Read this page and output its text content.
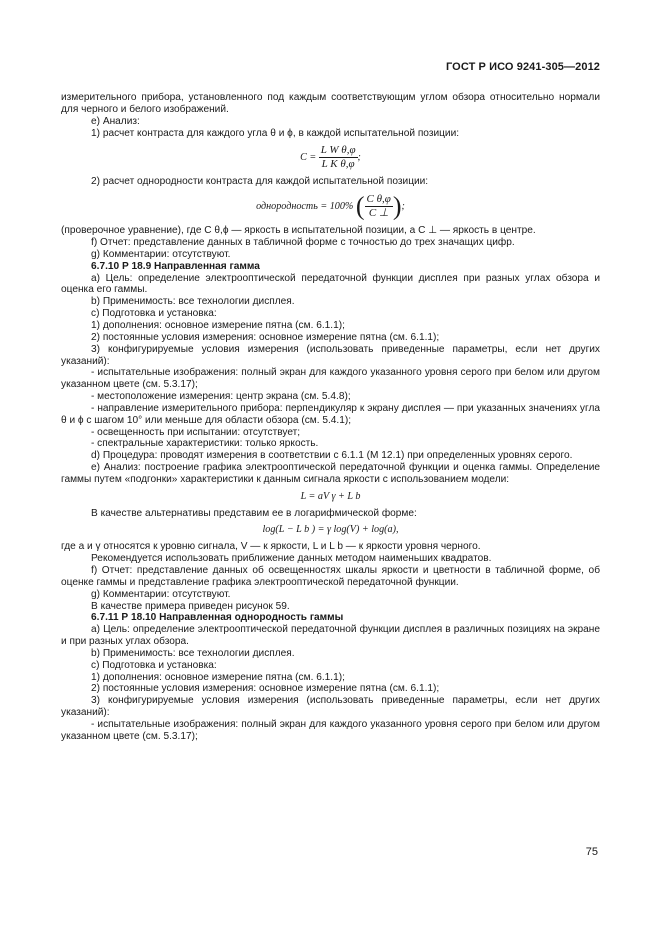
ГОСТ Р ИСО 9241-305—2012

измерительного прибора, установленного под каждым соответствующим углом обзора относительно нормали для черного и белого изображений.

e) Анализ:

1) расчет контраста для каждого угла θ и ϕ, в каждой испытательной позиции:

$C = \frac{\text{L W θ,φ}}{\text{L K θ,φ}}$ ;

2) расчет однородности контраста для каждой испытательной позиции:

однородность = 100% ( $\frac{\text{C θ,φ}}{C \perp}$ );

(проверочное уравнение), где C θ,ϕ — яркость в испытательной позиции, а C ⊥ — яркость в центре.

f) Отчет: представление данных в табличной форме с точностью до трех значащих цифр.

g) Комментарии: отсутствуют.

6.7.10 Р 18.9 Направленная гамма

a) Цель: определение электрооптической передаточной функции дисплея при разных углах обзора и оценка его гаммы.

b) Применимость: все технологии дисплея.

c) Подготовка и установка:

1) дополнения: основное измерение пятна (см. 6.1.1);

2) постоянные условия измерения: основное измерение пятна (см. 6.1.1);

3) конфигурируемые условия измерения (использовать приведенные параметры, если нет других указаний):

- испытательные изображения: полный экран для каждого указанного уровня серого при белом или другом указанном цвете (см. 5.3.17);

- местоположение измерения: центр экрана (см. 5.4.8);

- направление измерительного прибора: перпендикуляр к экрану дисплея — при указанных значениях угла θ и ϕ с шагом 10° или меньше для области обзора (см. 5.4.1);

- освещенность при испытании: отсутствует;

- спектральные характеристики: только яркость.

d) Процедура: проводят измерения в соответствии с 6.1.1 (М 12.1) при определенных уровнях серого.

e) Анализ: построение графика электрооптической передаточной функции и оценка гаммы. Определение гаммы путем «подгонки» характеристики к данным сигнала яркости с использованием модели:

L = aV γ + L b

В качестве альтернативы представим ее в логарифмической форме:

log(L − L b ) = γ log(V) + log(a),

где a и γ относятся к уровню сигнала, V — к яркости, L и L b — к яркости уровня черного.

Рекомендуется использовать приближение данных методом наименьших квадратов.

f) Отчет: представление данных об освещенностях шкалы яркости и цветности в табличной форме, об оценке гаммы и представление графика электрооптической передаточной функции.

g) Комментарии: отсутствуют.

В качестве примера приведен рисунок 59.

6.7.11 Р 18.10 Направленная однородность гаммы

a) Цель: определение электрооптической передаточной функции дисплея в различных позициях на экране и при разных углах обзора.

b) Применимость: все технологии дисплея.

c) Подготовка и установка:

1) дополнения: основное измерение пятна (см. 6.1.1);

2) постоянные условия измерения: основное измерение пятна (см. 6.1.1);

3) конфигурируемые условия измерения (использовать приведенные параметры, если нет других указаний):

- испытательные изображения: полный экран для каждого указанного уровня серого при белом или другом указанном цвете (см. 5.3.17);

75
